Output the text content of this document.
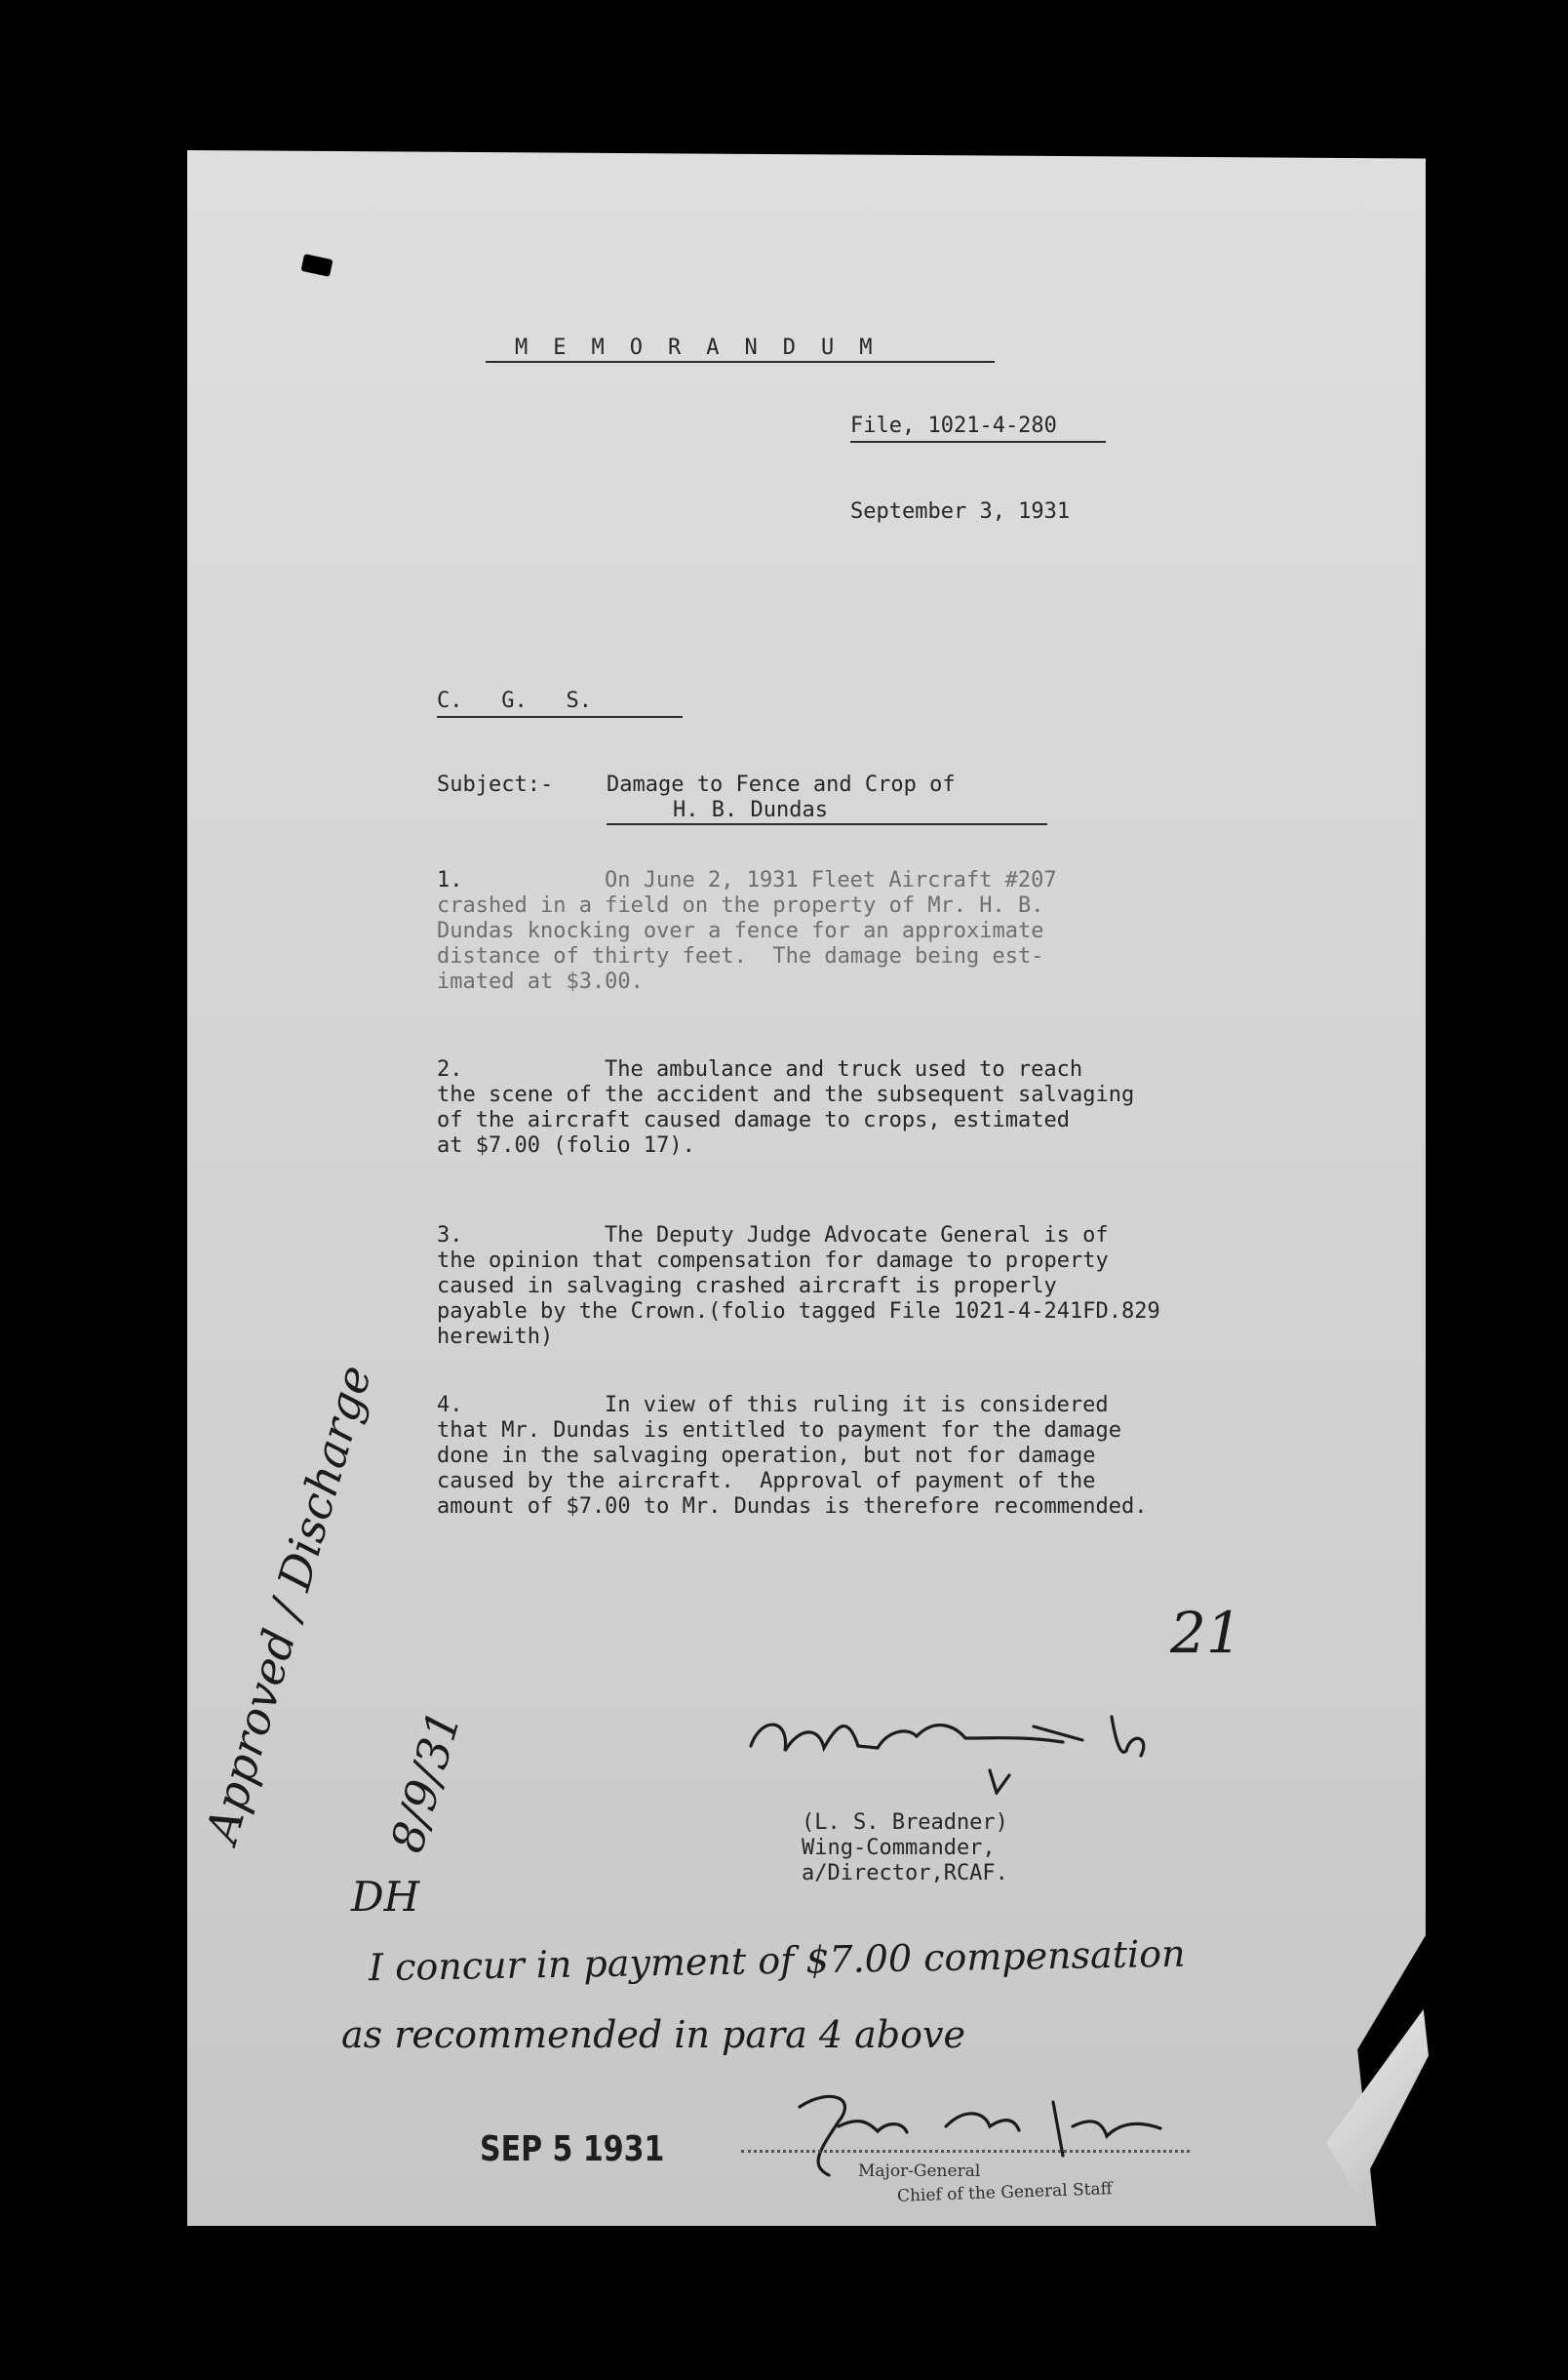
MEMORANDUM

File, 1021-4-280

September 3, 1931

C.   G.   S.

Subject:- Damage to Fence and Crop of

H. B. Dundas

1.	On June 2, 1931 Fleet Aircraft #207

crashed in a field on the property of Mr. H. B.

Dundas knocking over a fence for an approximate

distance of thirty feet.  The damage being est-

imated at $3.00.

2.	The ambulance and truck used to reach

the scene of the accident and the subsequent salvaging

of the aircraft caused damage to crops, estimated

at $7.00 (folio 17).

3.	The Deputy Judge Advocate General is of

the opinion that compensation for damage to property

caused in salvaging crashed aircraft is properly

payable by the Crown.(folio tagged File 1021-4-241FD.829

herewith)

4.	In view of this ruling it is considered

that Mr. Dundas is entitled to payment for the damage

done in the salvaging operation, but not for damage

caused by the aircraft.  Approval of payment of the

amount of $7.00 to Mr. Dundas is therefore recommended.

21

Approved / Discharge

8/9/31	(L. S. Breadner)

Wing-Commander,

a/Director,RCAF.

DH

I concur in payment of $7.00 compensation

as recommended in para 4 above

SEP 5 1931

Major-General

Chief of the General Staff
